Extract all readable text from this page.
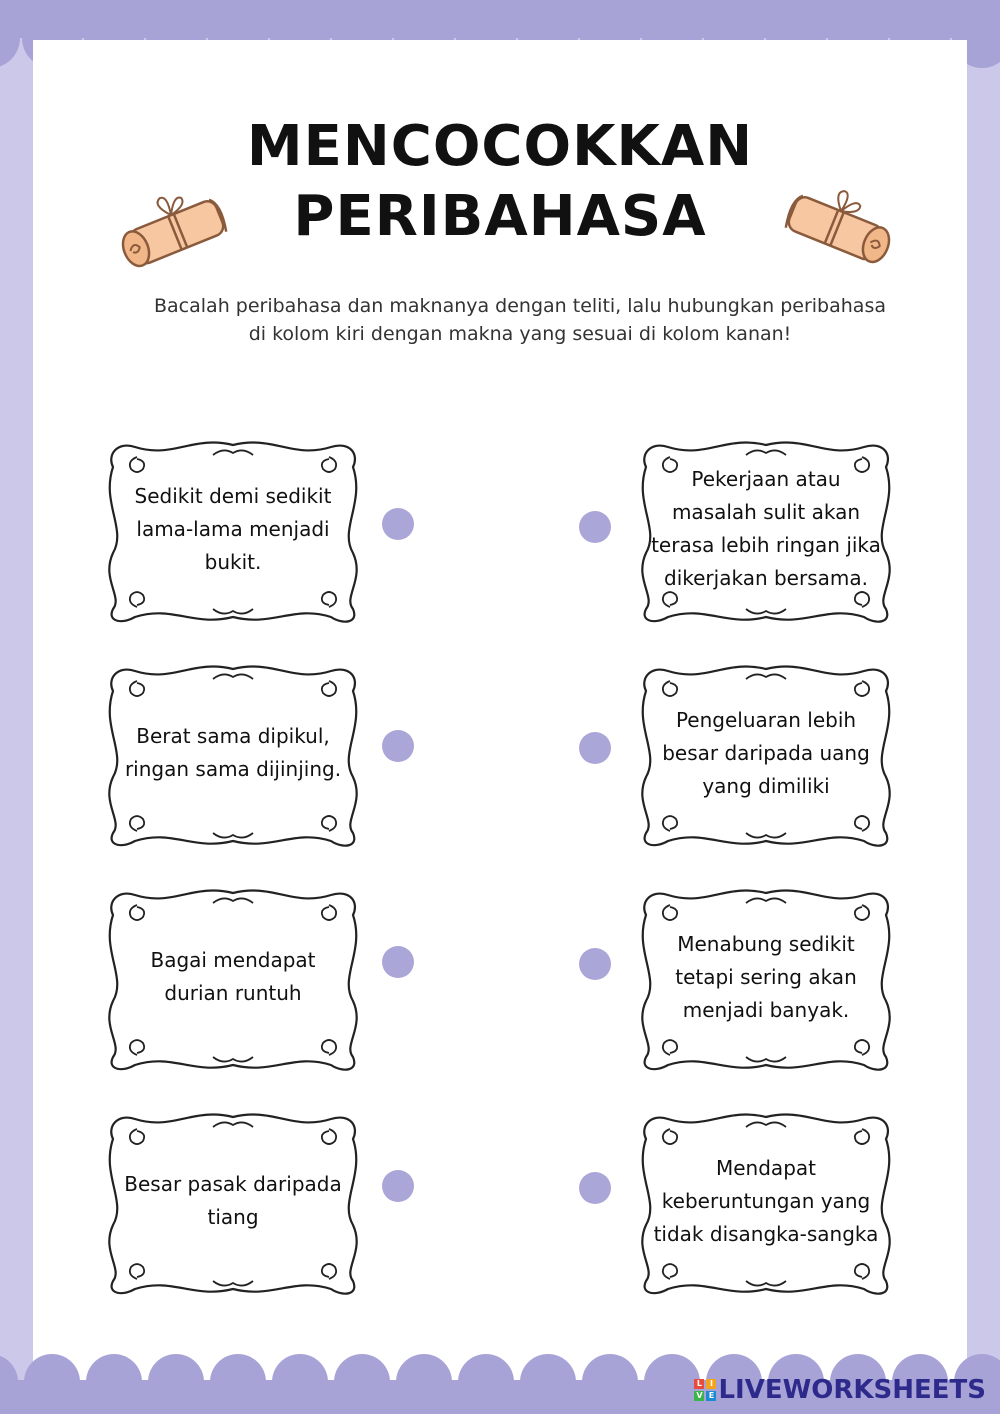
MENCOCOKKAN
PERIBAHASA
Bacalah peribahasa dan maknanya dengan teliti, lalu hubungkan peribahasa
di kolom kiri dengan makna yang sesuai di kolom kanan!
Sedikit demi sedikit lama-lama menjadi bukit.
Berat sama dipikul, ringan sama dijinjing.
Bagai mendapat durian runtuh
Besar pasak daripada tiang
Pekerjaan atau masalah sulit akan terasa lebih ringan jika dikerjakan bersama.
Pengeluaran lebih besar daripada uang yang dimiliki
Menabung sedikit tetapi sering akan menjadi banyak.
Mendapat keberuntungan yang tidak disangka-sangka
L I
V E LIVEWORKSHEETS
